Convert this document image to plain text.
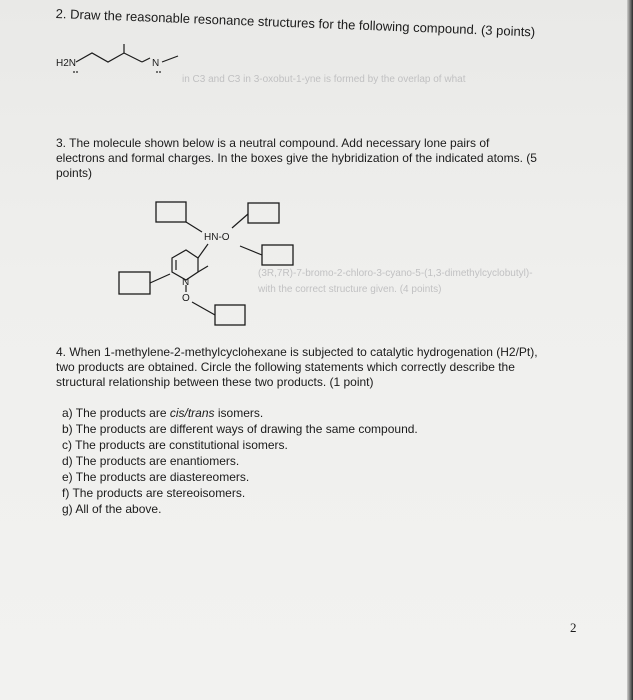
in C3 and C3 in 3-oxobut-1-yne is formed by the overlap of what
(3R,7R)-7-bromo-2-chloro-3-cyano-5-(1,3-dimethylcyclobutyl)-
with the correct structure given. (4 points)
2. Draw the reasonable resonance structures for the following compound. (3 points)
3. The molecule shown below is a neutral compound. Add necessary lone pairs of
electrons and formal charges. In the boxes give the hybridization of the indicated atoms. (5
points)
4. When 1-methylene-2-methylcyclohexane is subjected to catalytic hydrogenation (H2/Pt),
two products are obtained. Circle the following statements which correctly describe the
structural relationship between these two products. (1 point)
a) The products are cis/trans isomers.
b) The products are different ways of drawing the same compound.
c) The products are constitutional isomers.
d) The products are enantiomers.
e) The products are diastereomers.
f) The products are stereoisomers.
g) All of the above.
2
H2N	N
HN-O
N
O
